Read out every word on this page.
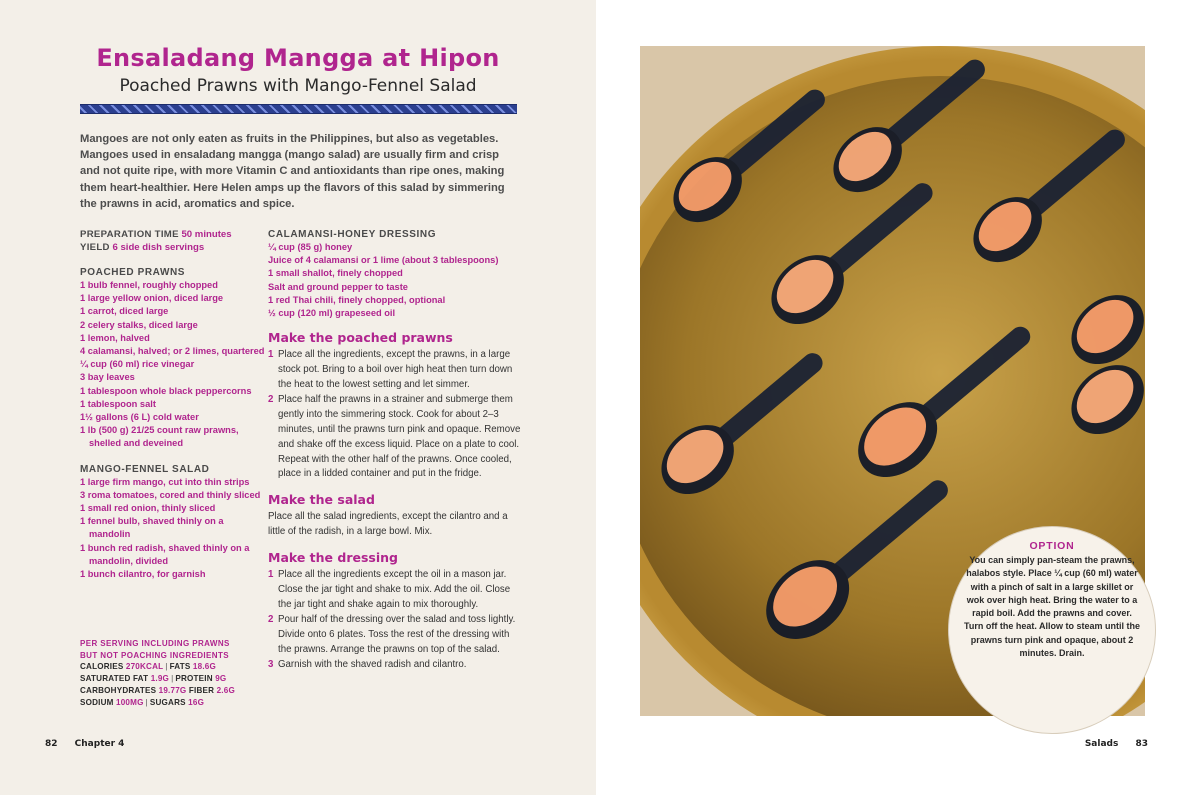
Ensaladang Mangga at Hipon
Poached Prawns with Mango-Fennel Salad

Mangoes are not only eaten as fruits in the Philippines, but also as vegetables. Mangoes used in ensaladang mangga (mango salad) are usually firm and crisp and not quite ripe, with more Vitamin C and antioxidants than ripe ones, making them heart-healthier. Here Helen amps up the flavors of this salad by simmering the prawns in acid, aromatics and spice.

PREPARATION TIME 50 minutes
YIELD 6 side dish servings
POACHED PRAWNS
1 bulb fennel, roughly chopped
1 large yellow onion, diced large
1 carrot, diced large
2 celery stalks, diced large
1 lemon, halved
4 calamansi, halved; or 2 limes, quartered
¼ cup (60 ml) rice vinegar
3 bay leaves
1 tablespoon whole black peppercorns
1 tablespoon salt
1½ gallons (6 L) cold water
1 lb (500 g) 21/25 count raw prawns, shelled and deveined
MANGO-FENNEL SALAD
1 large firm mango, cut into thin strips
3 roma tomatoes, cored and thinly sliced
1 small red onion, thinly sliced
1 fennel bulb, shaved thinly on a mandolin
1 bunch red radish, shaved thinly on a mandolin, divided
1 bunch cilantro, for garnish
PER SERVING INCLUDING PRAWNS
BUT NOT POACHING INGREDIENTS
CALORIES 270KCAL | FATS 18.6G
SATURATED FAT 1.9G | PROTEIN 9G
CARBOHYDRATES 19.77G FIBER 2.6G
SODIUM 100MG | SUGARS 16G
CALAMANSI-HONEY DRESSING
¼ cup (85 g) honey
Juice of 4 calamansi or 1 lime (about 3 tablespoons)
1 small shallot, finely chopped
Salt and ground pepper to taste
1 red Thai chili, finely chopped, optional
½ cup (120 ml) grapeseed oil
Make the poached prawns
1 Place all the ingredients, except the prawns, in a large stock pot. Bring to a boil over high heat then turn down the heat to the lowest setting and let simmer.
2 Place half the prawns in a strainer and submerge them gently into the simmering stock. Cook for about 2–3 minutes, until the prawns turn pink and opaque. Remove and shake off the excess liquid. Place on a plate to cool. Repeat with the other half of the prawns. Once cooled, place in a lidded container and put in the fridge.
Make the salad

Place all the salad ingredients, except the cilantro and a little of the radish, in a large bowl. Mix.

Make the dressing
1 Place all the ingredients except the oil in a mason jar. Close the jar tight and shake to mix. Add the oil. Close the jar tight and shake again to mix thoroughly.
2 Pour half of the dressing over the salad and toss lightly. Divide onto 6 plates. Toss the rest of the dressing with the prawns. Arrange the prawns on top of the salad.
3 Garnish with the shaved radish and cilantro.
OPTION
You can simply pan-steam the prawns, halabos style. Place ¼ cup (60 ml) water with a pinch of salt in a large skillet or wok over high heat. Bring the water to a rapid boil. Add the prawns and cover. Turn off the heat. Allow to steam until the prawns turn pink and opaque, about 2 minutes. Drain.
82 Chapter 4	Salads 83
